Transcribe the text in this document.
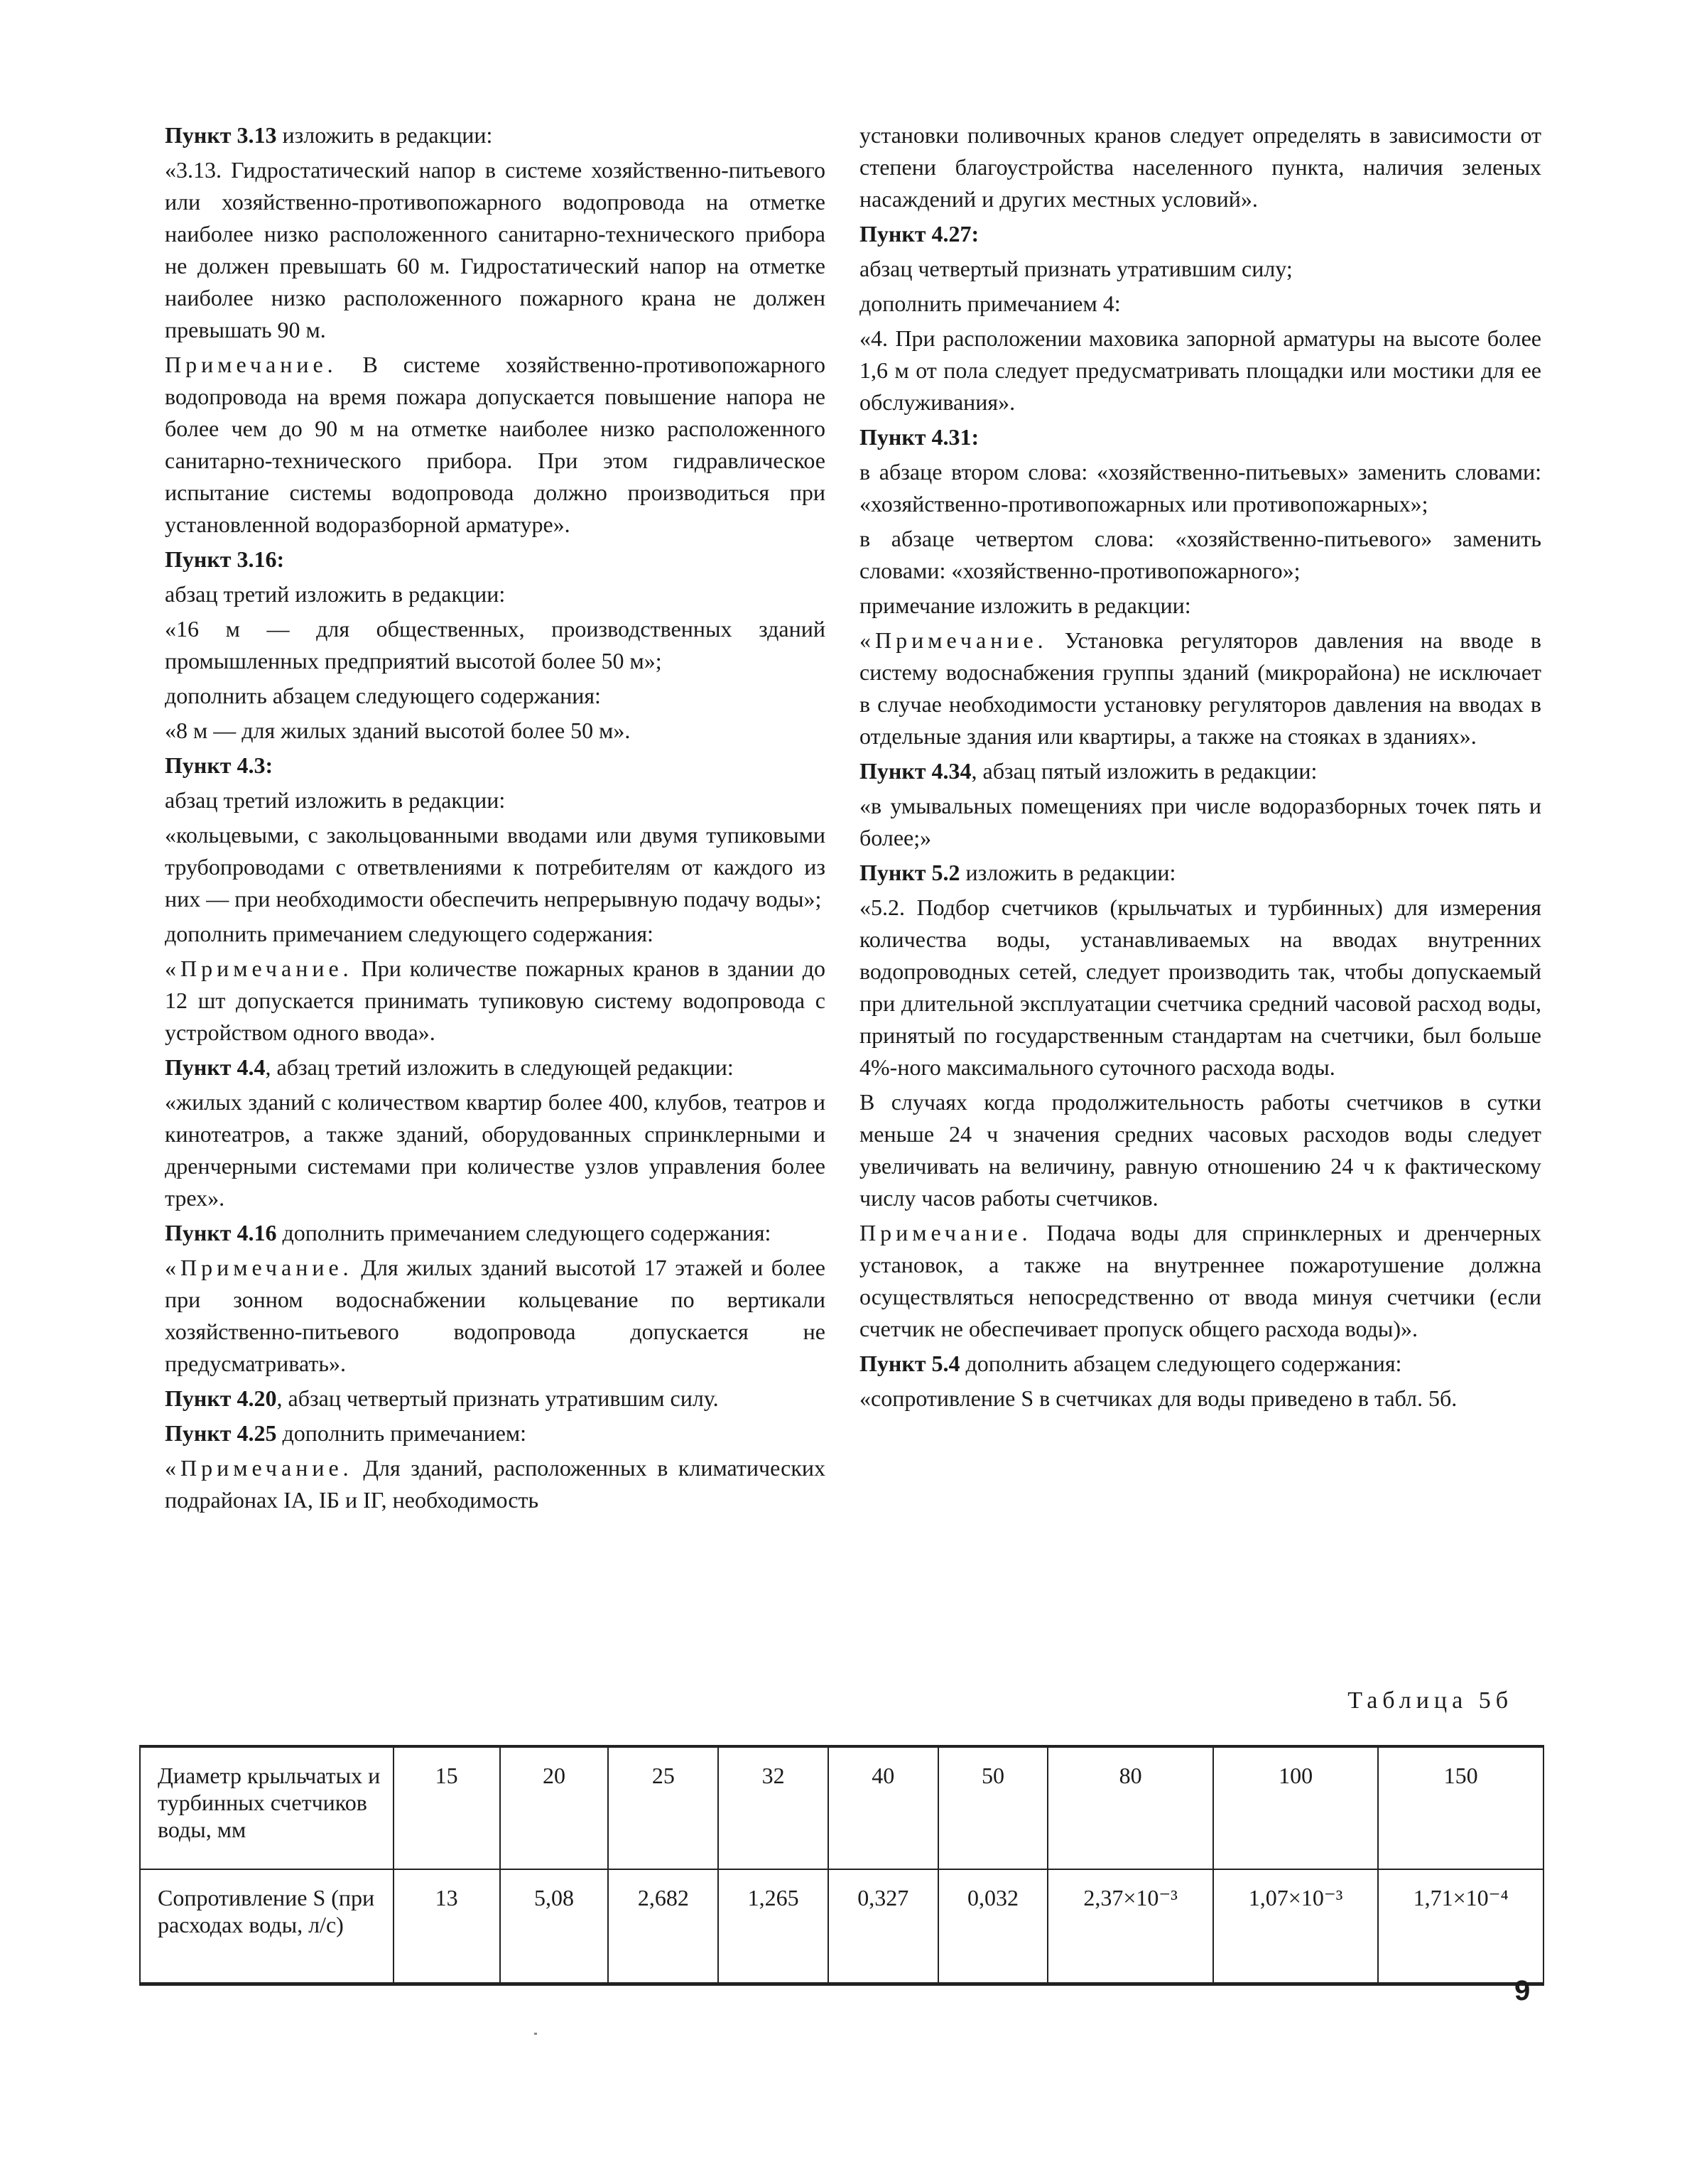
Пункт 3.13 изложить в редакции:

«3.13. Гидростатический напор в системе хозяйственно-питьевого или хозяйственно-противопожарного водопровода на отметке наиболее низко расположенного санитарно-технического прибора не должен превышать 60 м. Гидростатический напор на отметке наиболее низко расположенного пожарного крана не должен превышать 90 м.

Примечание. В системе хозяйственно-противопожарного водопровода на время пожара допускается повышение напора не более чем до 90 м на отметке наиболее низко расположенного санитарно-технического прибора. При этом гидравлическое испытание системы водопровода должно производиться при установленной водоразборной арматуре».

Пункт 3.16:

абзац третий изложить в редакции:

«16 м — для общественных, производственных зданий промышленных предприятий высотой более 50 м»;

дополнить абзацем следующего содержания:

«8 м — для жилых зданий высотой более 50 м».

Пункт 4.3:

абзац третий изложить в редакции:

«кольцевыми, с закольцованными вводами или двумя тупиковыми трубопроводами с ответвлениями к потребителям от каждого из них — при необходимости обеспечить непрерывную подачу воды»;

дополнить примечанием следующего содержания:

«Примечание. При количестве пожарных кранов в здании до 12 шт допускается принимать тупиковую систему водопровода с устройством одного ввода».

Пункт 4.4, абзац третий изложить в следующей редакции:

«жилых зданий с количеством квартир более 400, клубов, театров и кинотеатров, а также зданий, оборудованных спринклерными и дренчерными системами при количестве узлов управления более трех».

Пункт 4.16 дополнить примечанием следующего содержания:

«Примечание. Для жилых зданий высотой 17 этажей и более при зонном водоснабжении кольцевание по вертикали хозяйственно-питьевого водопровода допускается не предусматривать».

Пункт 4.20, абзац четвертый признать утратившим силу.

Пункт 4.25 дополнить примечанием:

«Примечание. Для зданий, расположенных в климатических подрайонах IА, IБ и IГ, необходимость

установки поливочных кранов следует определять в зависимости от степени благоустройства населенного пункта, наличия зеленых насаждений и других местных условий».

Пункт 4.27:

абзац четвертый признать утратившим силу;

дополнить примечанием 4:

«4. При расположении маховика запорной арматуры на высоте более 1,6 м от пола следует предусматривать площадки или мостики для ее обслуживания».

Пункт 4.31:

в абзаце втором слова: «хозяйственно-питьевых» заменить словами: «хозяйственно-противопожарных или противопожарных»;

в абзаце четвертом слова: «хозяйственно-питьевого» заменить словами: «хозяйственно-противопожарного»;

примечание изложить в редакции:

«Примечание. Установка регуляторов давления на вводе в систему водоснабжения группы зданий (микрорайона) не исключает в случае необходимости установку регуляторов давления на вводах в отдельные здания или квартиры, а также на стояках в зданиях».

Пункт 4.34, абзац пятый изложить в редакции:

«в умывальных помещениях при числе водоразборных точек пять и более;»

Пункт 5.2 изложить в редакции:

«5.2. Подбор счетчиков (крыльчатых и турбинных) для измерения количества воды, устанавливаемых на вводах внутренних водопроводных сетей, следует производить так, чтобы допускаемый при длительной эксплуатации счетчика средний часовой расход воды, принятый по государственным стандартам на счетчики, был больше 4%-ного максимального суточного расхода воды.

В случаях когда продолжительность работы счетчиков в сутки меньше 24 ч значения средних часовых расходов воды следует увеличивать на величину, равную отношению 24 ч к фактическому числу часов работы счетчиков.

Примечание. Подача воды для спринклерных и дренчерных установок, а также на внутреннее пожаротушение должна осуществляться непосредственно от ввода минуя счетчики (если счетчик не обеспечивает пропуск общего расхода воды)».

Пункт 5.4 дополнить абзацем следующего содержания:

«сопротивление S в счетчиках для воды приведено в табл. 5б.

Таблица 5б
Диаметр крыльчатых и турбинных счетчиков воды, мм	15	20	25	32	40	50	80	100	150
Сопротивление S (при расходах воды, л/с)	13	5,08	2,682	1,265	0,327	0,032	2,37×10⁻³	1,07×10⁻³	1,71×10⁻⁴
9
